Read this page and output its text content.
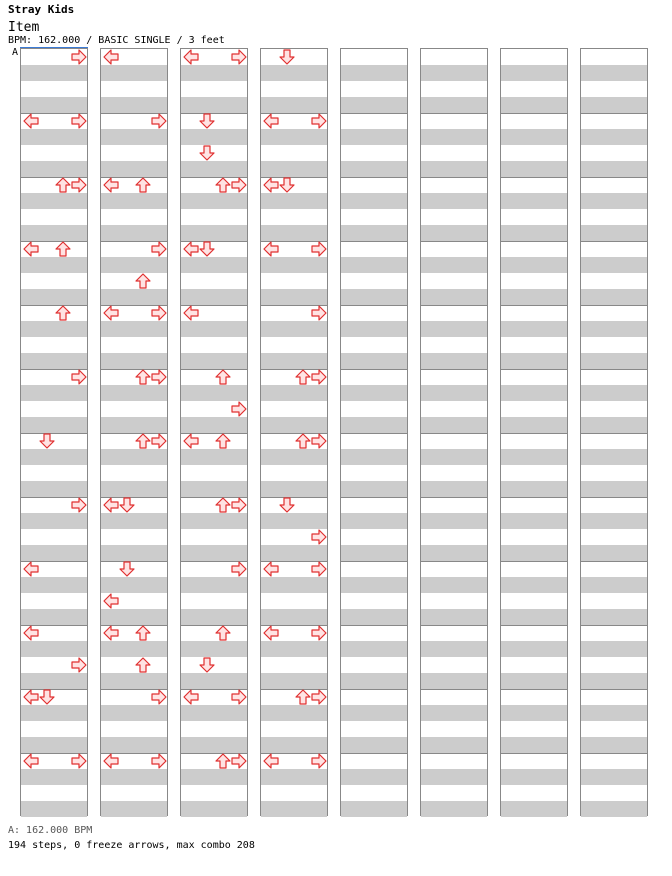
Stray Kids
Item
BPM: 162.000 / BASIC SINGLE / 3 feet
A
A: 162.000 BPM
194 steps, 0 freeze arrows, max combo 208
